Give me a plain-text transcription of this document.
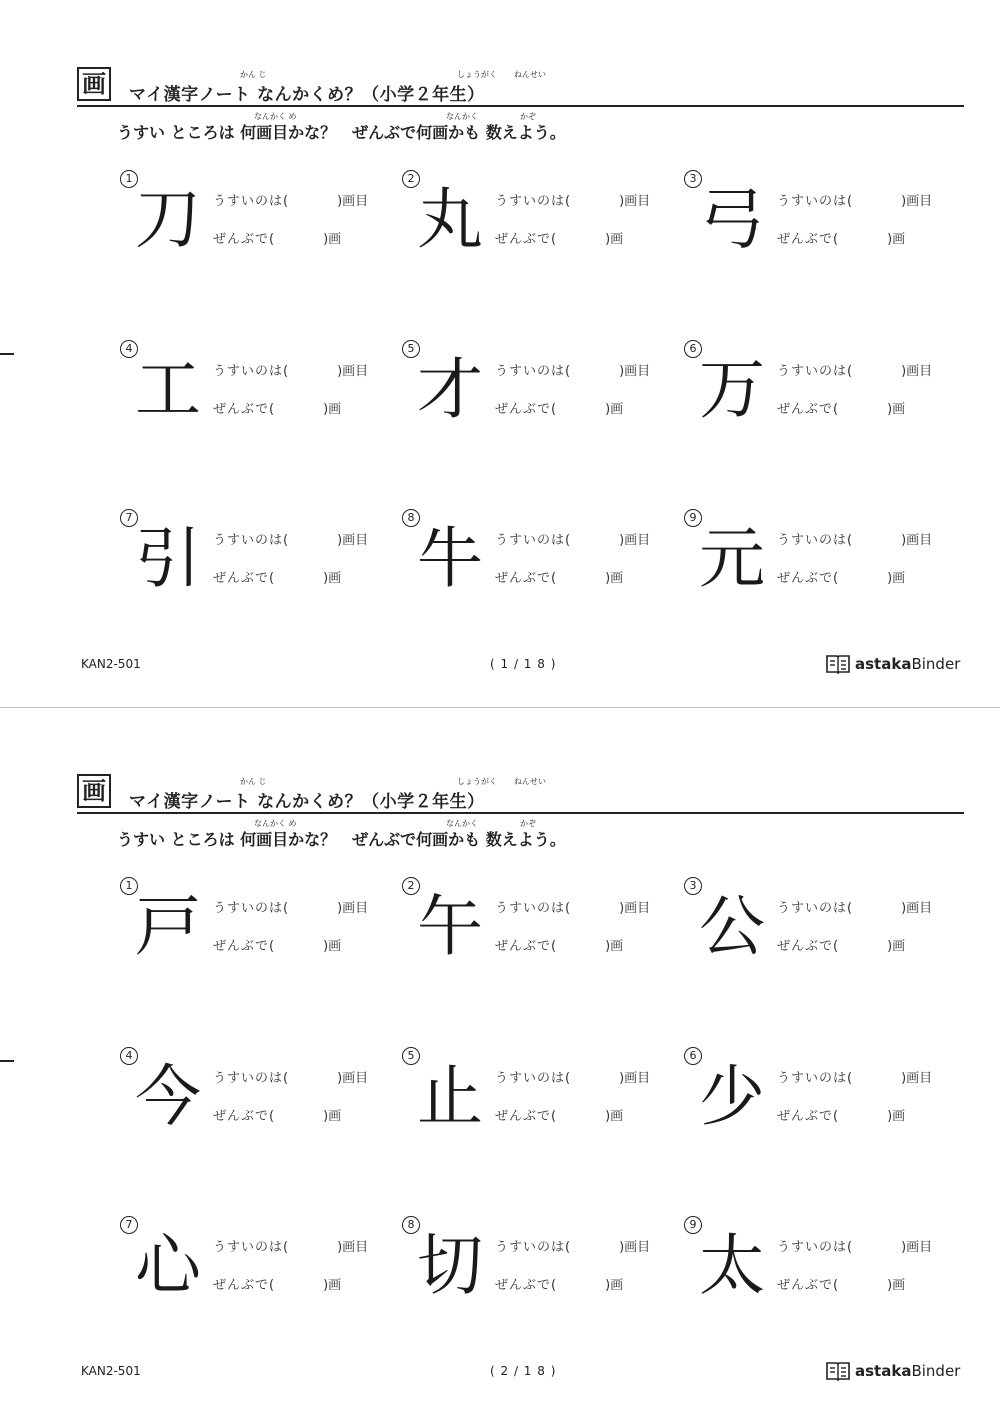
画	かん じ	しょうがく ねんせい
マイ漢字ノート なんかくめ？（小学２年生）
なんかく め	なんかく	かぞ
うすい ところは 何画目かな？　ぜんぶで何画かも 数えよう。
1
刀 うすいのは(	)画目
ぜんぶで(	)画
2
丸 うすいのは(	)画目
ぜんぶで(	)画
3
弓 うすいのは(	)画目
ぜんぶで(	)画
4
工 うすいのは(	)画目
ぜんぶで(	)画
5
才 うすいのは(	)画目
ぜんぶで(	)画
6
万 うすいのは(	)画目
ぜんぶで(	)画
7
引 うすいのは(	)画目
ぜんぶで(	)画
8
牛 うすいのは(	)画目
ぜんぶで(	)画
9
元 うすいのは(	)画目
ぜんぶで(	)画
KAN2-501	( 1 / 1 8 )	astakaBinder
画	かん じ	しょうがく ねんせい
マイ漢字ノート なんかくめ？（小学２年生）
なんかく め	なんかく	かぞ
うすい ところは 何画目かな？　ぜんぶで何画かも 数えよう。
1
戸 うすいのは(	)画目
ぜんぶで(	)画
2
午 うすいのは(	)画目
ぜんぶで(	)画
3
公 うすいのは(	)画目
ぜんぶで(	)画
4
今 うすいのは(	)画目
ぜんぶで(	)画
5
止 うすいのは(	)画目
ぜんぶで(	)画
6
少 うすいのは(	)画目
ぜんぶで(	)画
7
心 うすいのは(	)画目
ぜんぶで(	)画
8
切 うすいのは(	)画目
ぜんぶで(	)画
9
太 うすいのは(	)画目
ぜんぶで(	)画
KAN2-501	( 2 / 1 8 )	astakaBinder
